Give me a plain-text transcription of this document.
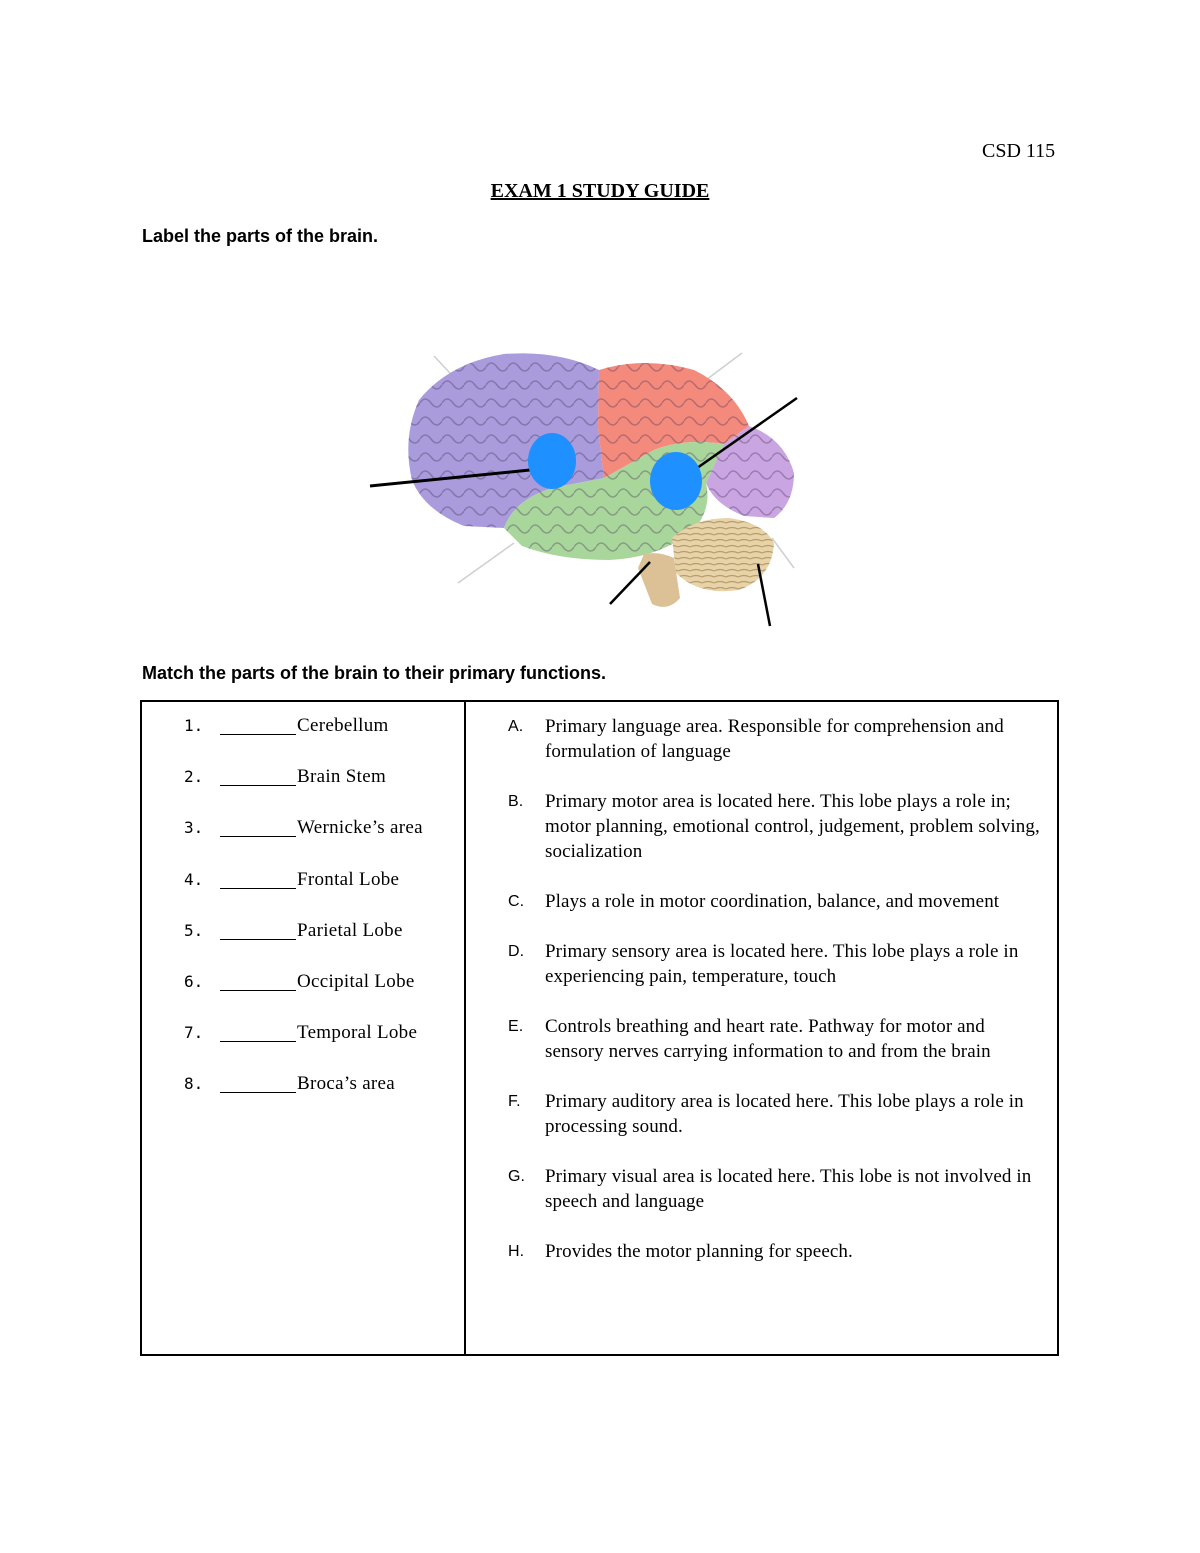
CSD 115
EXAM 1 STUDY GUIDE
Label the parts of the brain.
Match the parts of the brain to their primary functions.
1.	Cerebellum
2.	Brain Stem
3.	Wernicke’s area
4.	Frontal Lobe
5.	Parietal Lobe
6.	Occipital Lobe
7.	Temporal Lobe
8.	Broca’s area
A. Primary language area. Responsible for comprehension and formulation of language
B. Primary motor area is located here. This lobe plays a role in; motor planning, emotional control, judgement, problem solving, socialization
C. Plays a role in motor coordination, balance, and movement
D. Primary sensory area is located here. This lobe plays a role in experiencing pain, temperature, touch
E. Controls breathing and heart rate. Pathway for motor and sensory nerves carrying information to and from the brain
F. Primary auditory area is located here. This lobe plays a role in processing sound.
G. Primary visual area is located here. This lobe is not involved in speech and language
H. Provides the motor planning for speech.
